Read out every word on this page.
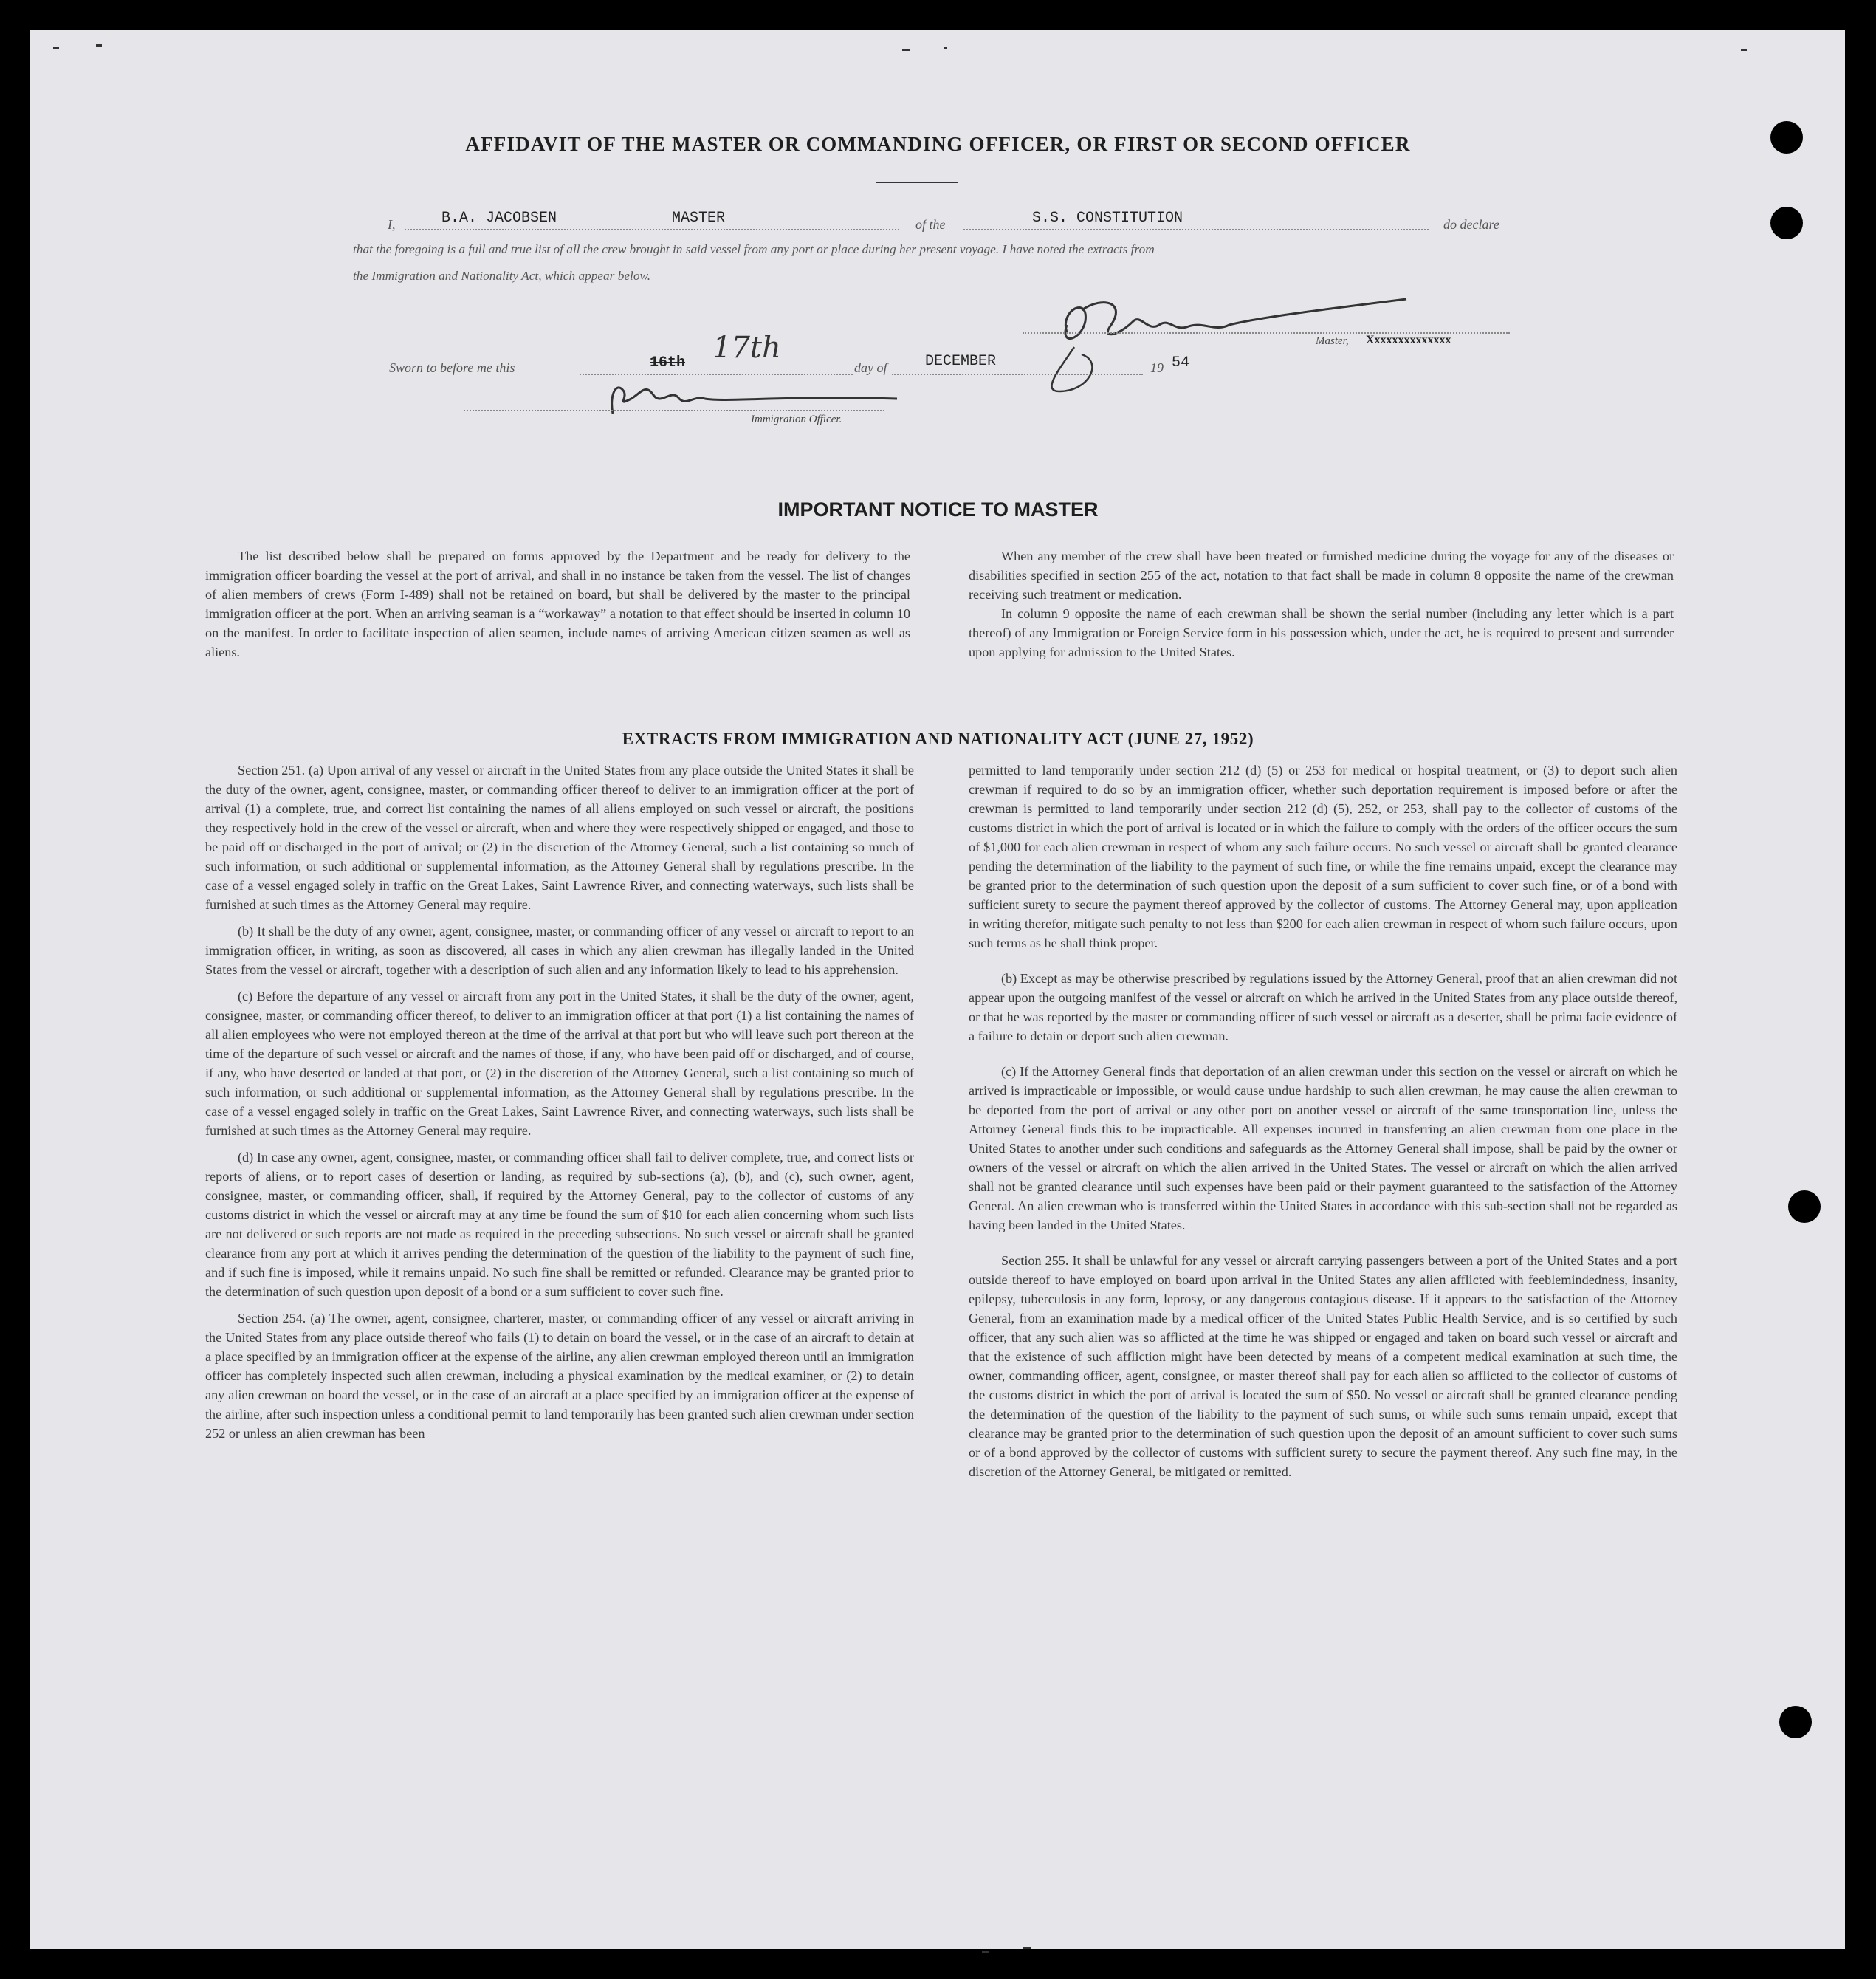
AFFIDAVIT OF THE MASTER OR COMMANDING OFFICER, OR FIRST OR SECOND OFFICER
I,	B.A. JACOBSEN	MASTER	of the	S.S. CONSTITUTION	do declare
that the foregoing is a full and true list of all the crew brought in said vessel from any port or place during her present voyage. I have noted the extracts from
the Immigration and Nationality Act, which appear below.
Master, Xxxxxxxxxxxxxx
Sworn to before me this	16th 17th
day of	DECEMBER	19 54
Immigration Officer.
IMPORTANT NOTICE TO MASTER

The list described below shall be prepared on forms approved by the Department and be ready for delivery to the immigration officer boarding the vessel at the port of arrival, and shall in no instance be taken from the vessel. The list of changes of alien members of crews (Form I-489) shall not be retained on board, but shall be delivered by the master to the principal immigration officer at the port. When an arriving seaman is a “workaway” a notation to that effect should be inserted in column 10 on the manifest. In order to facilitate inspection of alien seamen, include names of arriving American citizen seamen as well as aliens.

When any member of the crew shall have been treated or furnished medicine during the voyage for any of the diseases or disabilities specified in section 255 of the act, notation to that fact shall be made in column 8 opposite the name of the crewman receiving such treatment or medication.

In column 9 opposite the name of each crewman shall be shown the serial number (including any letter which is a part thereof) of any Immigration or Foreign Service form in his possession which, under the act, he is required to present and surrender upon applying for admission to the United States.

EXTRACTS FROM IMMIGRATION AND NATIONALITY ACT (JUNE 27, 1952)

Section 251. (a) Upon arrival of any vessel or aircraft in the United States from any place outside the United States it shall be the duty of the owner, agent, consignee, master, or commanding officer thereof to deliver to an immigration officer at the port of arrival (1) a complete, true, and correct list containing the names of all aliens employed on such vessel or aircraft, the positions they respectively hold in the crew of the vessel or aircraft, when and where they were respectively shipped or engaged, and those to be paid off or discharged in the port of arrival; or (2) in the discretion of the Attorney General, such a list containing so much of such information, or such additional or supplemental information, as the Attorney General shall by regulations prescribe. In the case of a vessel engaged solely in traffic on the Great Lakes, Saint Lawrence River, and connecting waterways, such lists shall be furnished at such times as the Attorney General may require.

(b) It shall be the duty of any owner, agent, consignee, master, or commanding officer of any vessel or aircraft to report to an immigration officer, in writing, as soon as discovered, all cases in which any alien crewman has illegally landed in the United States from the vessel or aircraft, together with a description of such alien and any information likely to lead to his apprehension.

(c) Before the departure of any vessel or aircraft from any port in the United States, it shall be the duty of the owner, agent, consignee, master, or commanding officer thereof, to deliver to an immigration officer at that port (1) a list containing the names of all alien employees who were not employed thereon at the time of the arrival at that port but who will leave such port thereon at the time of the departure of such vessel or aircraft and the names of those, if any, who have been paid off or discharged, and of course, if any, who have deserted or landed at that port, or (2) in the discretion of the Attorney General, such a list containing so much of such information, or such additional or supplemental information, as the Attorney General shall by regulations prescribe. In the case of a vessel engaged solely in traffic on the Great Lakes, Saint Lawrence River, and connecting waterways, such lists shall be furnished at such times as the Attorney General may require.

(d) In case any owner, agent, consignee, master, or commanding officer shall fail to deliver complete, true, and correct lists or reports of aliens, or to report cases of desertion or landing, as required by sub-sections (a), (b), and (c), such owner, agent, consignee, master, or commanding officer, shall, if required by the Attorney General, pay to the collector of customs of any customs district in which the vessel or aircraft may at any time be found the sum of $10 for each alien concerning whom such lists are not delivered or such reports are not made as required in the preceding subsections. No such vessel or aircraft shall be granted clearance from any port at which it arrives pending the determination of the question of the liability to the payment of such fine, and if such fine is imposed, while it remains unpaid. No such fine shall be remitted or refunded. Clearance may be granted prior to the determination of such question upon deposit of a bond or a sum sufficient to cover such fine.

Section 254. (a) The owner, agent, consignee, charterer, master, or commanding officer of any vessel or aircraft arriving in the United States from any place outside thereof who fails (1) to detain on board the vessel, or in the case of an aircraft to detain at a place specified by an immigration officer at the expense of the airline, any alien crewman employed thereon until an immigration officer has completely inspected such alien crewman, including a physical examination by the medical examiner, or (2) to detain any alien crewman on board the vessel, or in the case of an aircraft at a place specified by an immigration officer at the expense of the airline, after such inspection unless a conditional permit to land temporarily has been granted such alien crewman under section 252 or unless an alien crewman has been

permitted to land temporarily under section 212 (d) (5) or 253 for medical or hospital treatment, or (3) to deport such alien crewman if required to do so by an immigration officer, whether such deportation requirement is imposed before or after the crewman is permitted to land temporarily under section 212 (d) (5), 252, or 253, shall pay to the collector of customs of the customs district in which the port of arrival is located or in which the failure to comply with the orders of the officer occurs the sum of $1,000 for each alien crewman in respect of whom any such failure occurs. No such vessel or aircraft shall be granted clearance pending the determination of the liability to the payment of such fine, or while the fine remains unpaid, except the clearance may be granted prior to the determination of such question upon the deposit of a sum sufficient to cover such fine, or of a bond with sufficient surety to secure the payment thereof approved by the collector of customs. The Attorney General may, upon application in writing therefor, mitigate such penalty to not less than $200 for each alien crewman in respect of whom such failure occurs, upon such terms as he shall think proper.

(b) Except as may be otherwise prescribed by regulations issued by the Attorney General, proof that an alien crewman did not appear upon the outgoing manifest of the vessel or aircraft on which he arrived in the United States from any place outside thereof, or that he was reported by the master or commanding officer of such vessel or aircraft as a deserter, shall be prima facie evidence of a failure to detain or deport such alien crewman.

(c) If the Attorney General finds that deportation of an alien crewman under this section on the vessel or aircraft on which he arrived is impracticable or impossible, or would cause undue hardship to such alien crewman, he may cause the alien crewman to be deported from the port of arrival or any other port on another vessel or aircraft of the same transportation line, unless the Attorney General finds this to be impracticable. All expenses incurred in transferring an alien crewman from one place in the United States to another under such conditions and safeguards as the Attorney General shall impose, shall be paid by the owner or owners of the vessel or aircraft on which the alien arrived in the United States. The vessel or aircraft on which the alien arrived shall not be granted clearance until such expenses have been paid or their payment guaranteed to the satisfaction of the Attorney General. An alien crewman who is transferred within the United States in accordance with this sub-section shall not be regarded as having been landed in the United States.

Section 255. It shall be unlawful for any vessel or aircraft carrying passengers between a port of the United States and a port outside thereof to have employed on board upon arrival in the United States any alien afflicted with feeblemindedness, insanity, epilepsy, tuberculosis in any form, leprosy, or any dangerous contagious disease. If it appears to the satisfaction of the Attorney General, from an examination made by a medical officer of the United States Public Health Service, and is so certified by such officer, that any such alien was so afflicted at the time he was shipped or engaged and taken on board such vessel or aircraft and that the existence of such affliction might have been detected by means of a competent medical examination at such time, the owner, commanding officer, agent, consignee, or master thereof shall pay for each alien so afflicted to the collector of customs of the customs district in which the port of arrival is located the sum of $50. No vessel or aircraft shall be granted clearance pending the determination of the question of the liability to the payment of such sums, or while such sums remain unpaid, except that clearance may be granted prior to the determination of such question upon the deposit of an amount sufficient to cover such sums or of a bond approved by the collector of customs with sufficient surety to secure the payment thereof. Any such fine may, in the discretion of the Attorney General, be mitigated or remitted.
